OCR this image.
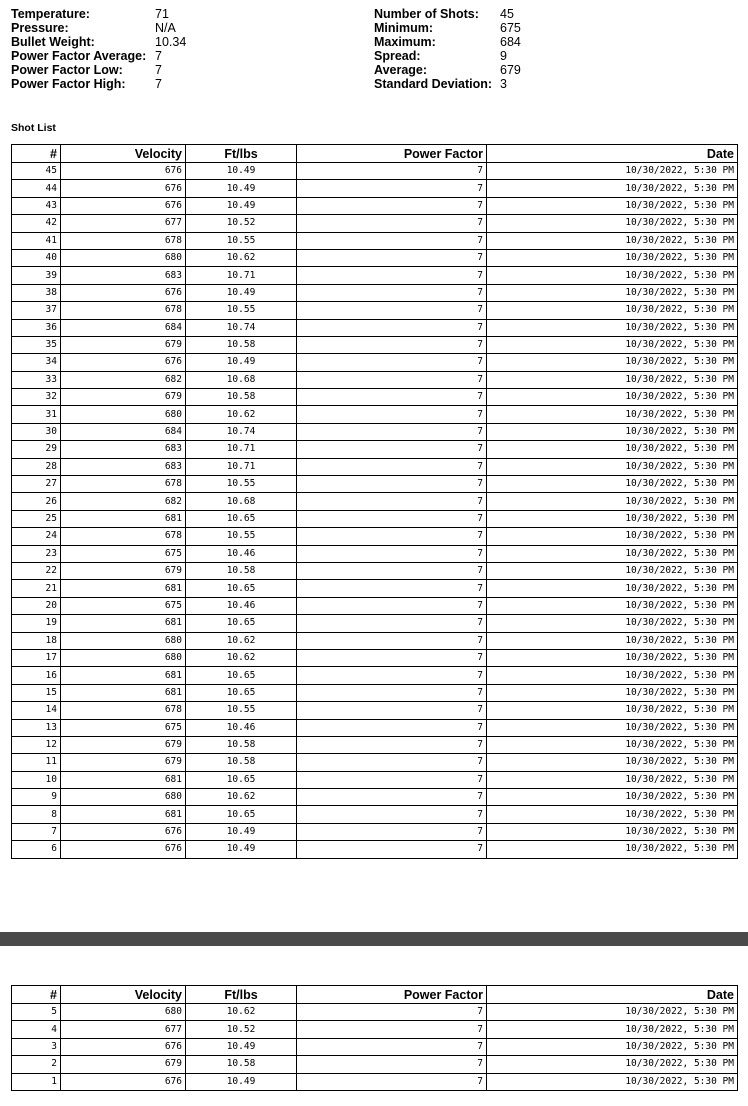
Temperature:	71
Pressure:	N/A
Bullet Weight:	10.34
Power Factor Average: 7
Power Factor Low:	7
Power Factor High: 7
Number of Shots: 45
Minimum:	675
Maximum:	684
Spread:	9
Average:	679
Standard Deviation: 3
Shot List
#	Velocity	Ft/lbs	Power Factor	Date
45	676	10.49	7	10/30/2022, 5:30 PM
44	676	10.49	7	10/30/2022, 5:30 PM
43	676	10.49	7	10/30/2022, 5:30 PM
42	677	10.52	7	10/30/2022, 5:30 PM
41	678	10.55	7	10/30/2022, 5:30 PM
40	680	10.62	7	10/30/2022, 5:30 PM
39	683	10.71	7	10/30/2022, 5:30 PM
38	676	10.49	7	10/30/2022, 5:30 PM
37	678	10.55	7	10/30/2022, 5:30 PM
36	684	10.74	7	10/30/2022, 5:30 PM
35	679	10.58	7	10/30/2022, 5:30 PM
34	676	10.49	7	10/30/2022, 5:30 PM
33	682	10.68	7	10/30/2022, 5:30 PM
32	679	10.58	7	10/30/2022, 5:30 PM
31	680	10.62	7	10/30/2022, 5:30 PM
30	684	10.74	7	10/30/2022, 5:30 PM
29	683	10.71	7	10/30/2022, 5:30 PM
28	683	10.71	7	10/30/2022, 5:30 PM
27	678	10.55	7	10/30/2022, 5:30 PM
26	682	10.68	7	10/30/2022, 5:30 PM
25	681	10.65	7	10/30/2022, 5:30 PM
24	678	10.55	7	10/30/2022, 5:30 PM
23	675	10.46	7	10/30/2022, 5:30 PM
22	679	10.58	7	10/30/2022, 5:30 PM
21	681	10.65	7	10/30/2022, 5:30 PM
20	675	10.46	7	10/30/2022, 5:30 PM
19	681	10.65	7	10/30/2022, 5:30 PM
18	680	10.62	7	10/30/2022, 5:30 PM
17	680	10.62	7	10/30/2022, 5:30 PM
16	681	10.65	7	10/30/2022, 5:30 PM
15	681	10.65	7	10/30/2022, 5:30 PM
14	678	10.55	7	10/30/2022, 5:30 PM
13	675	10.46	7	10/30/2022, 5:30 PM
12	679	10.58	7	10/30/2022, 5:30 PM
11	679	10.58	7	10/30/2022, 5:30 PM
10	681	10.65	7	10/30/2022, 5:30 PM
9	680	10.62	7	10/30/2022, 5:30 PM
8	681	10.65	7	10/30/2022, 5:30 PM
7	676	10.49	7	10/30/2022, 5:30 PM
6	676	10.49	7	10/30/2022, 5:30 PM
#	Velocity	Ft/lbs	Power Factor	Date
5	680	10.62	7	10/30/2022, 5:30 PM
4	677	10.52	7	10/30/2022, 5:30 PM
3	676	10.49	7	10/30/2022, 5:30 PM
2	679	10.58	7	10/30/2022, 5:30 PM
1	676	10.49	7	10/30/2022, 5:30 PM
